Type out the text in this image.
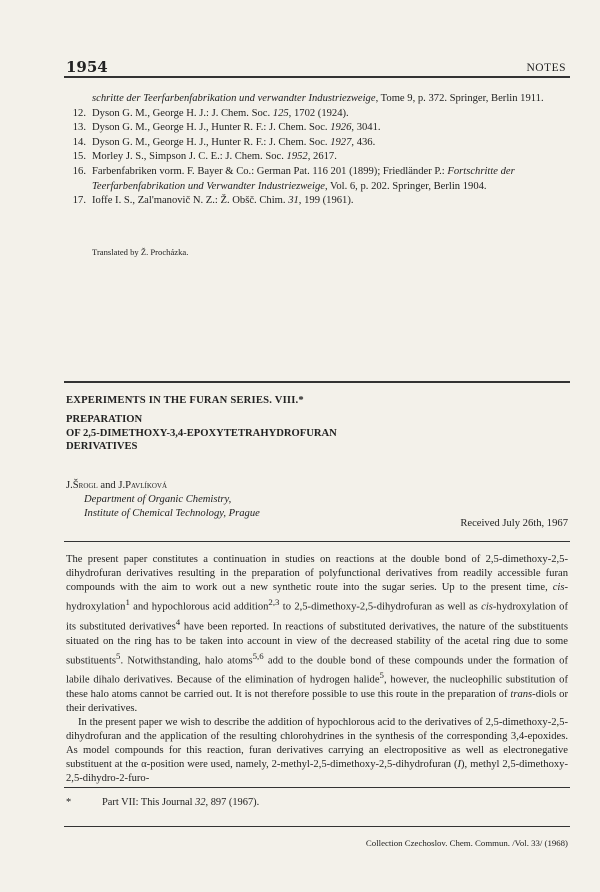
1954	NOTES
schritte der Teerfarbenfabrikation und verwandter Industriezweige, Tome 9, p. 372. Springer, Berlin 1911.
12. Dyson G. M., George H. J.: J. Chem. Soc. 125, 1702 (1924).
13. Dyson G. M., George H. J., Hunter R. F.: J. Chem. Soc. 1926, 3041.
14. Dyson G. M., George H. J., Hunter R. F.: J. Chem. Soc. 1927, 436.
15. Morley J. S., Simpson J. C. E.: J. Chem. Soc. 1952, 2617.
16. Farbenfabriken vorm. F. Bayer & Co.: German Pat. 116 201 (1899); Friedländer P.: Fortschritte der Teerfarbenfabrikation und Verwandter Industriezweige, Vol. 6, p. 202. Springer, Berlin 1904.
17. Ioffe I. S., Zal'manovič N. Z.: Ž. Obšč. Chim. 31, 199 (1961).
Translated by Ž. Procházka.
EXPERIMENTS IN THE FURAN SERIES. VIII.*
PREPARATION
OF 2,5-DIMETHOXY-3,4-EPOXYTETRAHYDROFURAN
DERIVATIVES
J.Šrogl and J.Pavlíková
Department of Organic Chemistry,
Institute of Chemical Technology, Prague
Received July 26th, 1967

The present paper constitutes a continuation in studies on reactions at the double bond of 2,5-dimethoxy-2,5-dihydrofuran derivatives resulting in the preparation of polyfunctional derivatives from readily accessible furan compounds with the aim to work out a new synthetic route into the sugar series. Up to the present time, cis-hydroxylation$^1$ and hypochlorous acid addition$^{2,3}$ to 2,5-dimethoxy-2,5-dihydrofuran as well as cis-hydroxylation of its substituted derivatives$^4$ have been reported. In reactions of substituted derivatives, the nature of the substituents situated on the ring has to be taken into account in view of the decreased stability of the acetal ring due to some substituents$^5$. Notwithstanding, halo atoms$^{5,6}$ add to the double bond of these compounds under the formation of labile dihalo derivatives. Because of the elimination of hydrogen halide$^5$, however, the nucleophilic substitution of these halo atoms cannot be carried out. It is not therefore possible to use this route in the preparation of trans-diols or their derivatives.

In the present paper we wish to describe the addition of hypochlorous acid to the derivatives of 2,5-dimethoxy-2,5-dihydrofuran and the application of the resulting chlorohydrines in the synthesis of the corresponding 3,4-epoxides. As model compounds for this reaction, furan derivatives carrying an electropositive as well as electronegative substituent at the α-position were used, namely, 2-methyl-2,5-dimethoxy-2,5-dihydrofuran (I), methyl 2,5-dimethoxy-2,5-dihydro-2-furo-

*	Part VII: This Journal 32, 897 (1967).
Collection Czechoslov. Chem. Commun. /Vol. 33/ (1968)
